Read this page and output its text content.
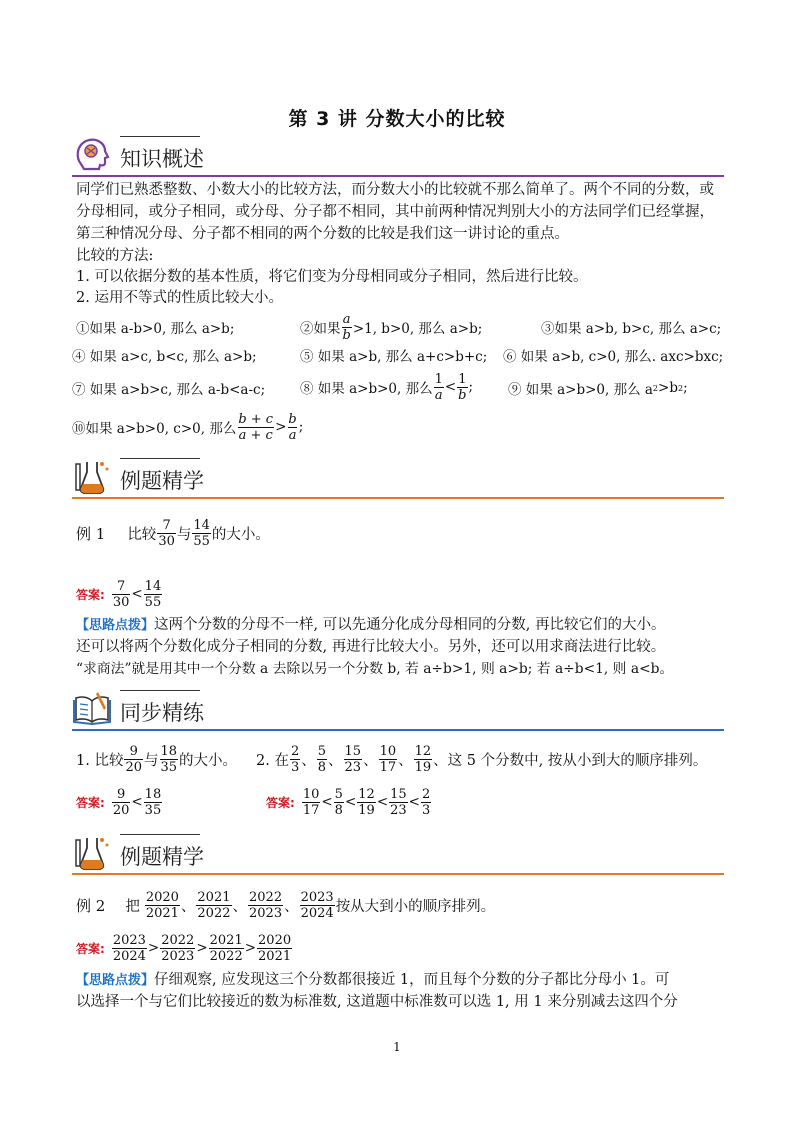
第 3 讲 分数大小的比较
知识概述
同学们已熟悉整数、小数大小的比较方法，而分数大小的比较就不那么简单了。两个不同的分数，或分母相同，或分子相同，或分母、分子都不相同，其中前两种情况判别大小的方法同学们已经掌握，第三种情况分母、分子都不相同的两个分数的比较是我们这一讲讨论的重点。
比较的方法:
1. 可以依据分数的基本性质，将它们变为分母相同或分子相同，然后进行比较。
2. 运用不等式的性质比较大小。
①如果 a-b>0, 那么 a>b;	②如果 $\frac{a}{b} >1$, b>0, 那么 a>b;	③如果 a>b, b>c, 那么 a>c;
④ 如果 a>c, b<c, 那么 a>b;	⑤ 如果 a>b, 那么 a+c>b+c; ⑥ 如果 a>b, c>0, 那么. axc>bxc;
⑦ 如果 a>b>c, 那么 a-b<a-c;	⑧ 如果 a>b>0, 那么 $\frac{1}{a} < \frac{1}{b}$ ;	⑨ 如果 a>b>0, 那么 a 2 >b 2 ;
⑩如果 a>b>0, c>0, 那么 $\frac{b + c}{a + c} > \frac{b}{a}$ ;
例题精学
例 1 比较 $\frac{7}{30}$ 与 $\frac{14}{55}$ 的大小。
答案: $\frac{7}{30} < \frac{14}{55}$
【思路点拨】这两个分数的分母不一样, 可以先通分化成分母相同的分数, 再比较它们的大小。
还可以将两个分数化成分子相同的分数, 再进行比较大小。另外，还可以用求商法进行比较。
“求商法”就是用其中一个分数 a 去除以另一个分数 b, 若 a÷b>1, 则 a>b; 若 a÷b<1, 则 a<b。
同步精练
1. 比较 $\frac{9}{20}$ 与 $\frac{18}{35}$ 的大小。 2. 在 $\frac{2}{3}$ 、 $\frac{5}{8}$ 、 $\frac{15}{23}$ 、 $\frac{10}{17}$ 、 $\frac{12}{19}$ 、 这 5 个分数中, 按从小到大的顺序排列。
答案: $\frac{9}{20} < \frac{18}{35}$	答案: $\frac{10}{17} < \frac{5}{8} < \frac{12}{19} < \frac{15}{23} < \frac{2}{3}$
例题精学
例 2 把 $\frac{2020}{2021}$ 、 $\frac{2021}{2022}$ 、 $\frac{2022}{2023}$ 、 $\frac{2023}{2024}$ 按从大到小的顺序排列。
答案: $\frac{2023}{2024} > \frac{2022}{2023} > \frac{2021}{2022} > \frac{2020}{2021}$
【思路点拨】仔细观察, 应发现这三个分数都很接近 1，而且每个分数的分子都比分母小 1。可
以选择一个与它们比较接近的数为标准数, 这道题中标准数可以选 1, 用 1 来分别减去这四个分
1
